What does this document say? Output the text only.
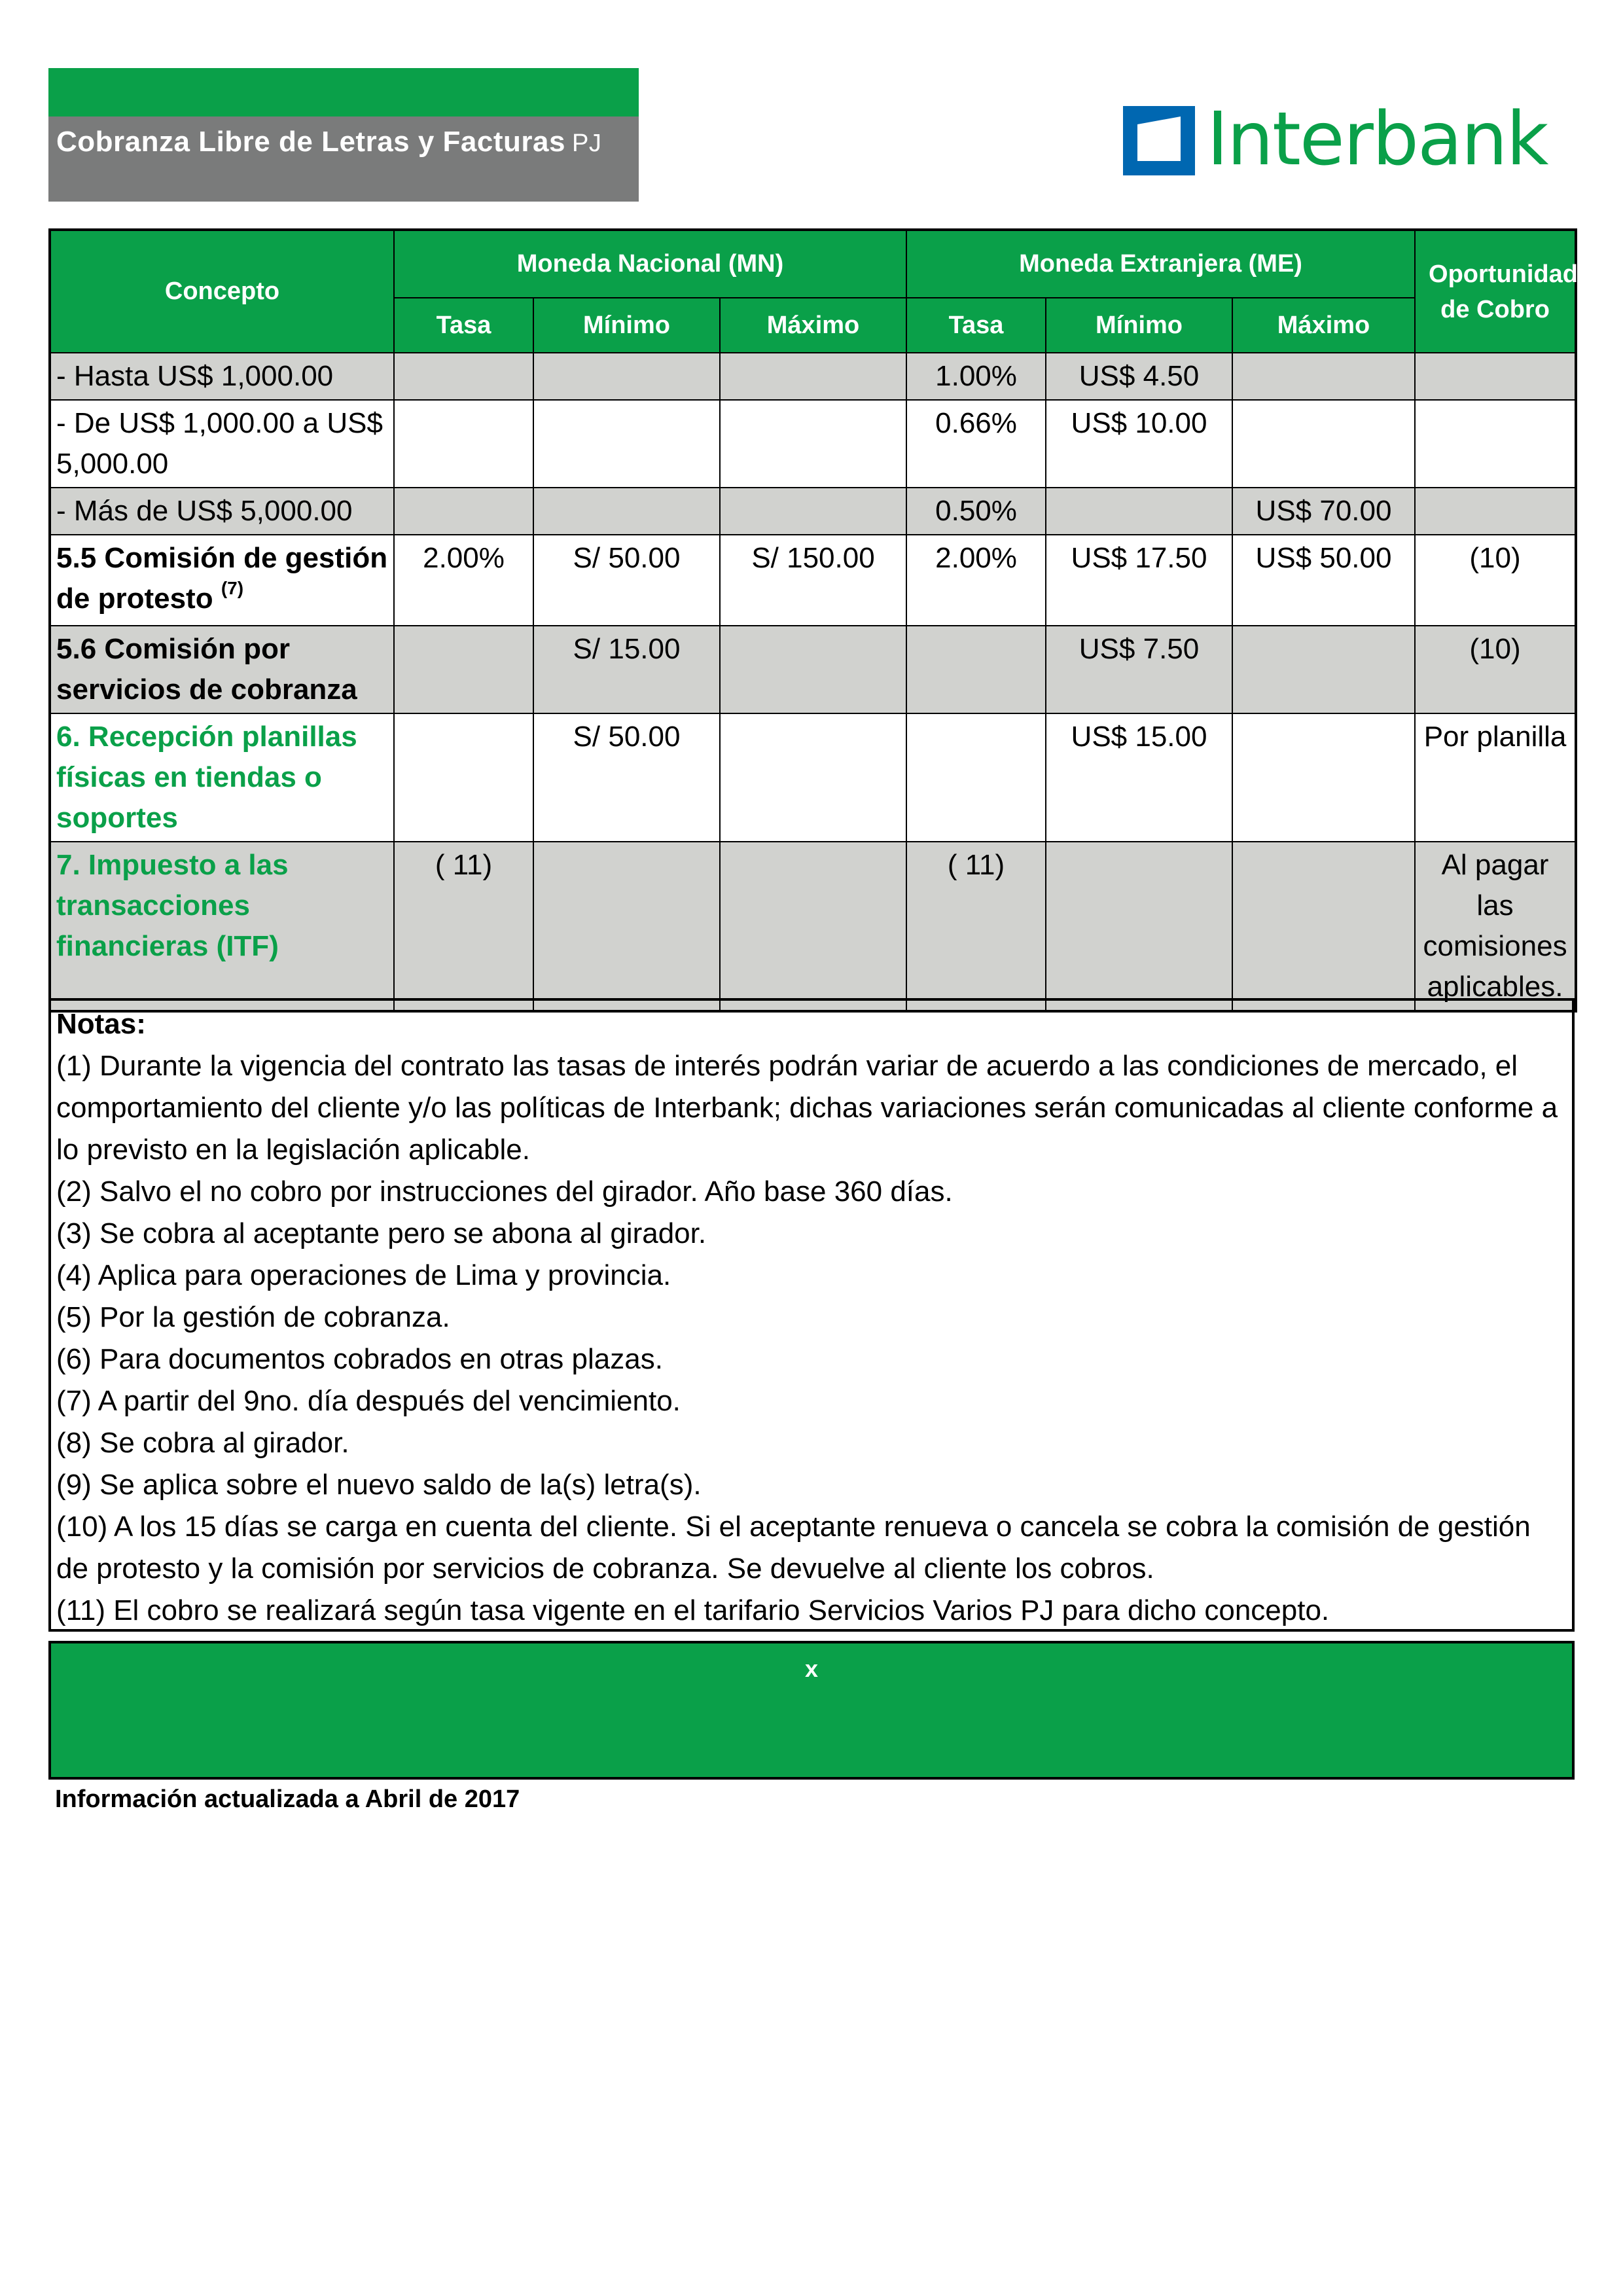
Cobranza Libre de Letras y Facturas PJ	Interbank
Concepto	Moneda Nacional (MN)			Moneda Extranjera (ME)			Oportunidad de Cobro
	Tasa	Mínimo	Máximo	Tasa	Mínimo	Máximo	
- Hasta US$ 1,000.00				1.00%	US$ 4.50		
- De US$ 1,000.00 a US$ 5,000.00				0.66%	US$ 10.00		
- Más de US$ 5,000.00				0.50%		US$ 70.00	
5.5 Comisión de gestión de protesto $^{(7)}$	2.00%	S/ 50.00	S/ 150.00	2.00%	US$ 17.50	US$ 50.00	(10)
5.6 Comisión por servicios de cobranza		S/ 15.00			US$ 7.50		(10)
6. Recepción planillas físicas en tiendas o soportes		S/ 50.00			US$ 15.00		Por planilla
7. Impuesto a las transacciones financieras (ITF)	( 11)			( 11)			Al pagar las comisiones aplicables.

Notas:

(1) Durante la vigencia del contrato las tasas de interés podrán variar de acuerdo a las condiciones de mercado, el comportamiento del cliente y/o las políticas de Interbank; dichas variaciones serán comunicadas al cliente conforme a lo previsto en la legislación aplicable.

(2) Salvo el no cobro por instrucciones del girador. Año base 360 días.

(3) Se cobra al aceptante pero se abona al girador.

(4) Aplica para operaciones de Lima y provincia.

(5) Por la gestión de cobranza.

(6) Para documentos cobrados en otras plazas.

(7) A partir del 9no. día después del vencimiento.

(8) Se cobra al girador.

(9) Se aplica sobre el nuevo saldo de la(s) letra(s).

(10) A los 15 días se carga en cuenta del cliente. Si el aceptante renueva o cancela se cobra la comisión de gestión de protesto y la comisión por servicios de cobranza. Se devuelve al cliente los cobros.

(11) El cobro se realizará según tasa vigente en el tarifario Servicios Varios PJ para dicho concepto.

x
Información actualizada a Abril de 2017
